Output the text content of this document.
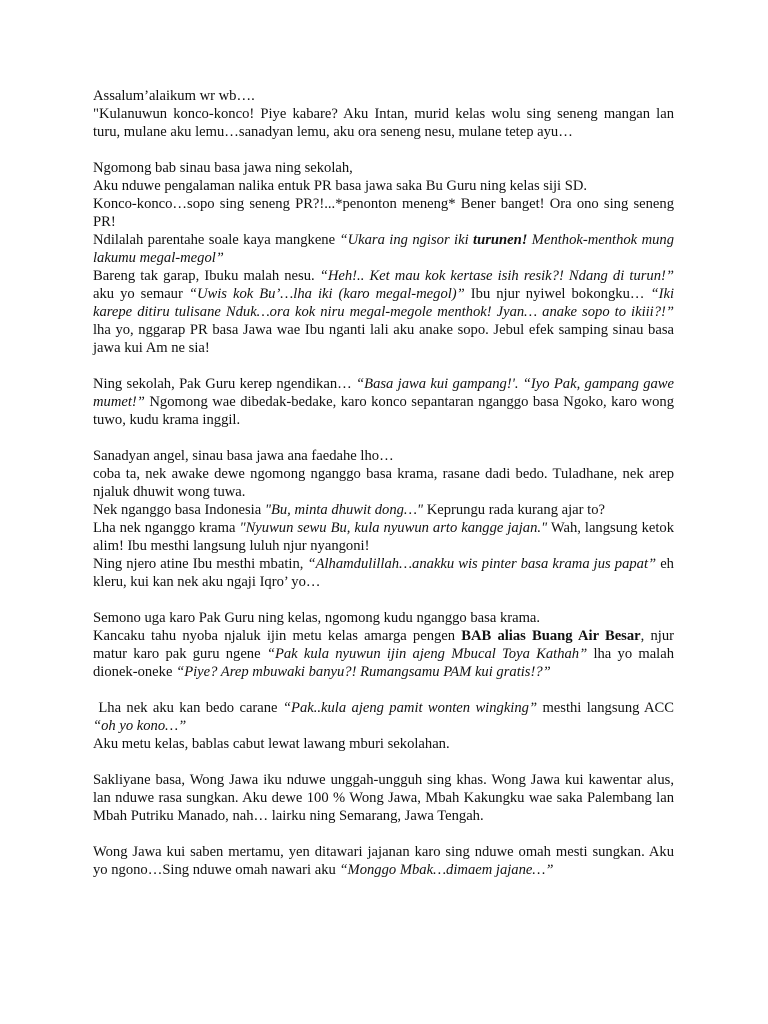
Assalum’alaikum wr wb….

"Kulanuwun konco-konco! Piye kabare? Aku Intan, murid kelas wolu sing seneng mangan lan turu, mulane aku lemu…sanadyan lemu, aku ora seneng nesu, mulane tetep ayu…

Ngomong bab sinau basa jawa ning sekolah,

Aku nduwe pengalaman nalika entuk PR basa jawa saka Bu Guru ning kelas siji SD.

Konco-konco…sopo sing seneng PR?!...*penonton meneng* Bener banget! Ora ono sing seneng PR!

Ndilalah parentahe soale kaya mangkene “Ukara ing ngisor iki turunen! Menthok-menthok mung lakumu megal-megol”

Bareng tak garap, Ibuku malah nesu. “Heh!.. Ket mau kok kertase isih resik?! Ndang di turun!” aku yo semaur “Uwis kok Bu’…lha iki (karo megal-megol)” Ibu njur nyiwel bokongku… “Iki karepe ditiru tulisane Nduk…ora kok niru megal-megole menthok! Jyan… anake sopo to ikiii?!” lha yo, nggarap PR basa Jawa wae Ibu nganti lali aku anake sopo. Jebul efek samping sinau basa jawa kui Am ne sia!

Ning sekolah, Pak Guru kerep ngendikan… “Basa jawa kui gampang!'. “Iyo Pak, gampang gawe mumet!” Ngomong wae dibedak-bedake, karo konco sepantaran nganggo basa Ngoko, karo wong tuwo, kudu krama inggil.

Sanadyan angel, sinau basa jawa ana faedahe lho…

coba ta, nek awake dewe ngomong nganggo basa krama, rasane dadi bedo. Tuladhane, nek arep njaluk dhuwit wong tuwa.

Nek nganggo basa Indonesia "Bu, minta dhuwit dong…" Keprungu rada kurang ajar to?

Lha nek nganggo krama "Nyuwun sewu Bu, kula nyuwun arto kangge jajan." Wah, langsung ketok alim! Ibu mesthi langsung luluh njur nyangoni!

Ning njero atine Ibu mesthi mbatin, “Alhamdulillah…anakku wis pinter basa krama jus papat” eh kleru, kui kan nek aku ngaji Iqro’ yo…

Semono uga karo Pak Guru ning kelas, ngomong kudu nganggo basa krama.

Kancaku tahu nyoba njaluk ijin metu kelas amarga pengen BAB alias Buang Air Besar, njur matur karo pak guru ngene “Pak kula nyuwun ijin ajeng Mbucal Toya Kathah” lha yo malah dionek-oneke “Piye? Arep mbuwaki banyu?! Rumangsamu PAM kui gratis!?”

Lha nek aku kan bedo carane “Pak..kula ajeng pamit wonten wingking” mesthi langsung ACC “oh yo kono…”

Aku metu kelas, bablas cabut lewat lawang mburi sekolahan.

Sakliyane basa, Wong Jawa iku nduwe unggah-ungguh sing khas. Wong Jawa kui kawentar alus, lan nduwe rasa sungkan. Aku dewe 100 % Wong Jawa, Mbah Kakungku wae saka Palembang lan Mbah Putriku Manado, nah… lairku ning Semarang, Jawa Tengah.

Wong Jawa kui saben mertamu, yen ditawari jajanan karo sing nduwe omah mesti sungkan. Aku yo ngono…Sing nduwe omah nawari aku “Monggo Mbak…dimaem jajane…”
